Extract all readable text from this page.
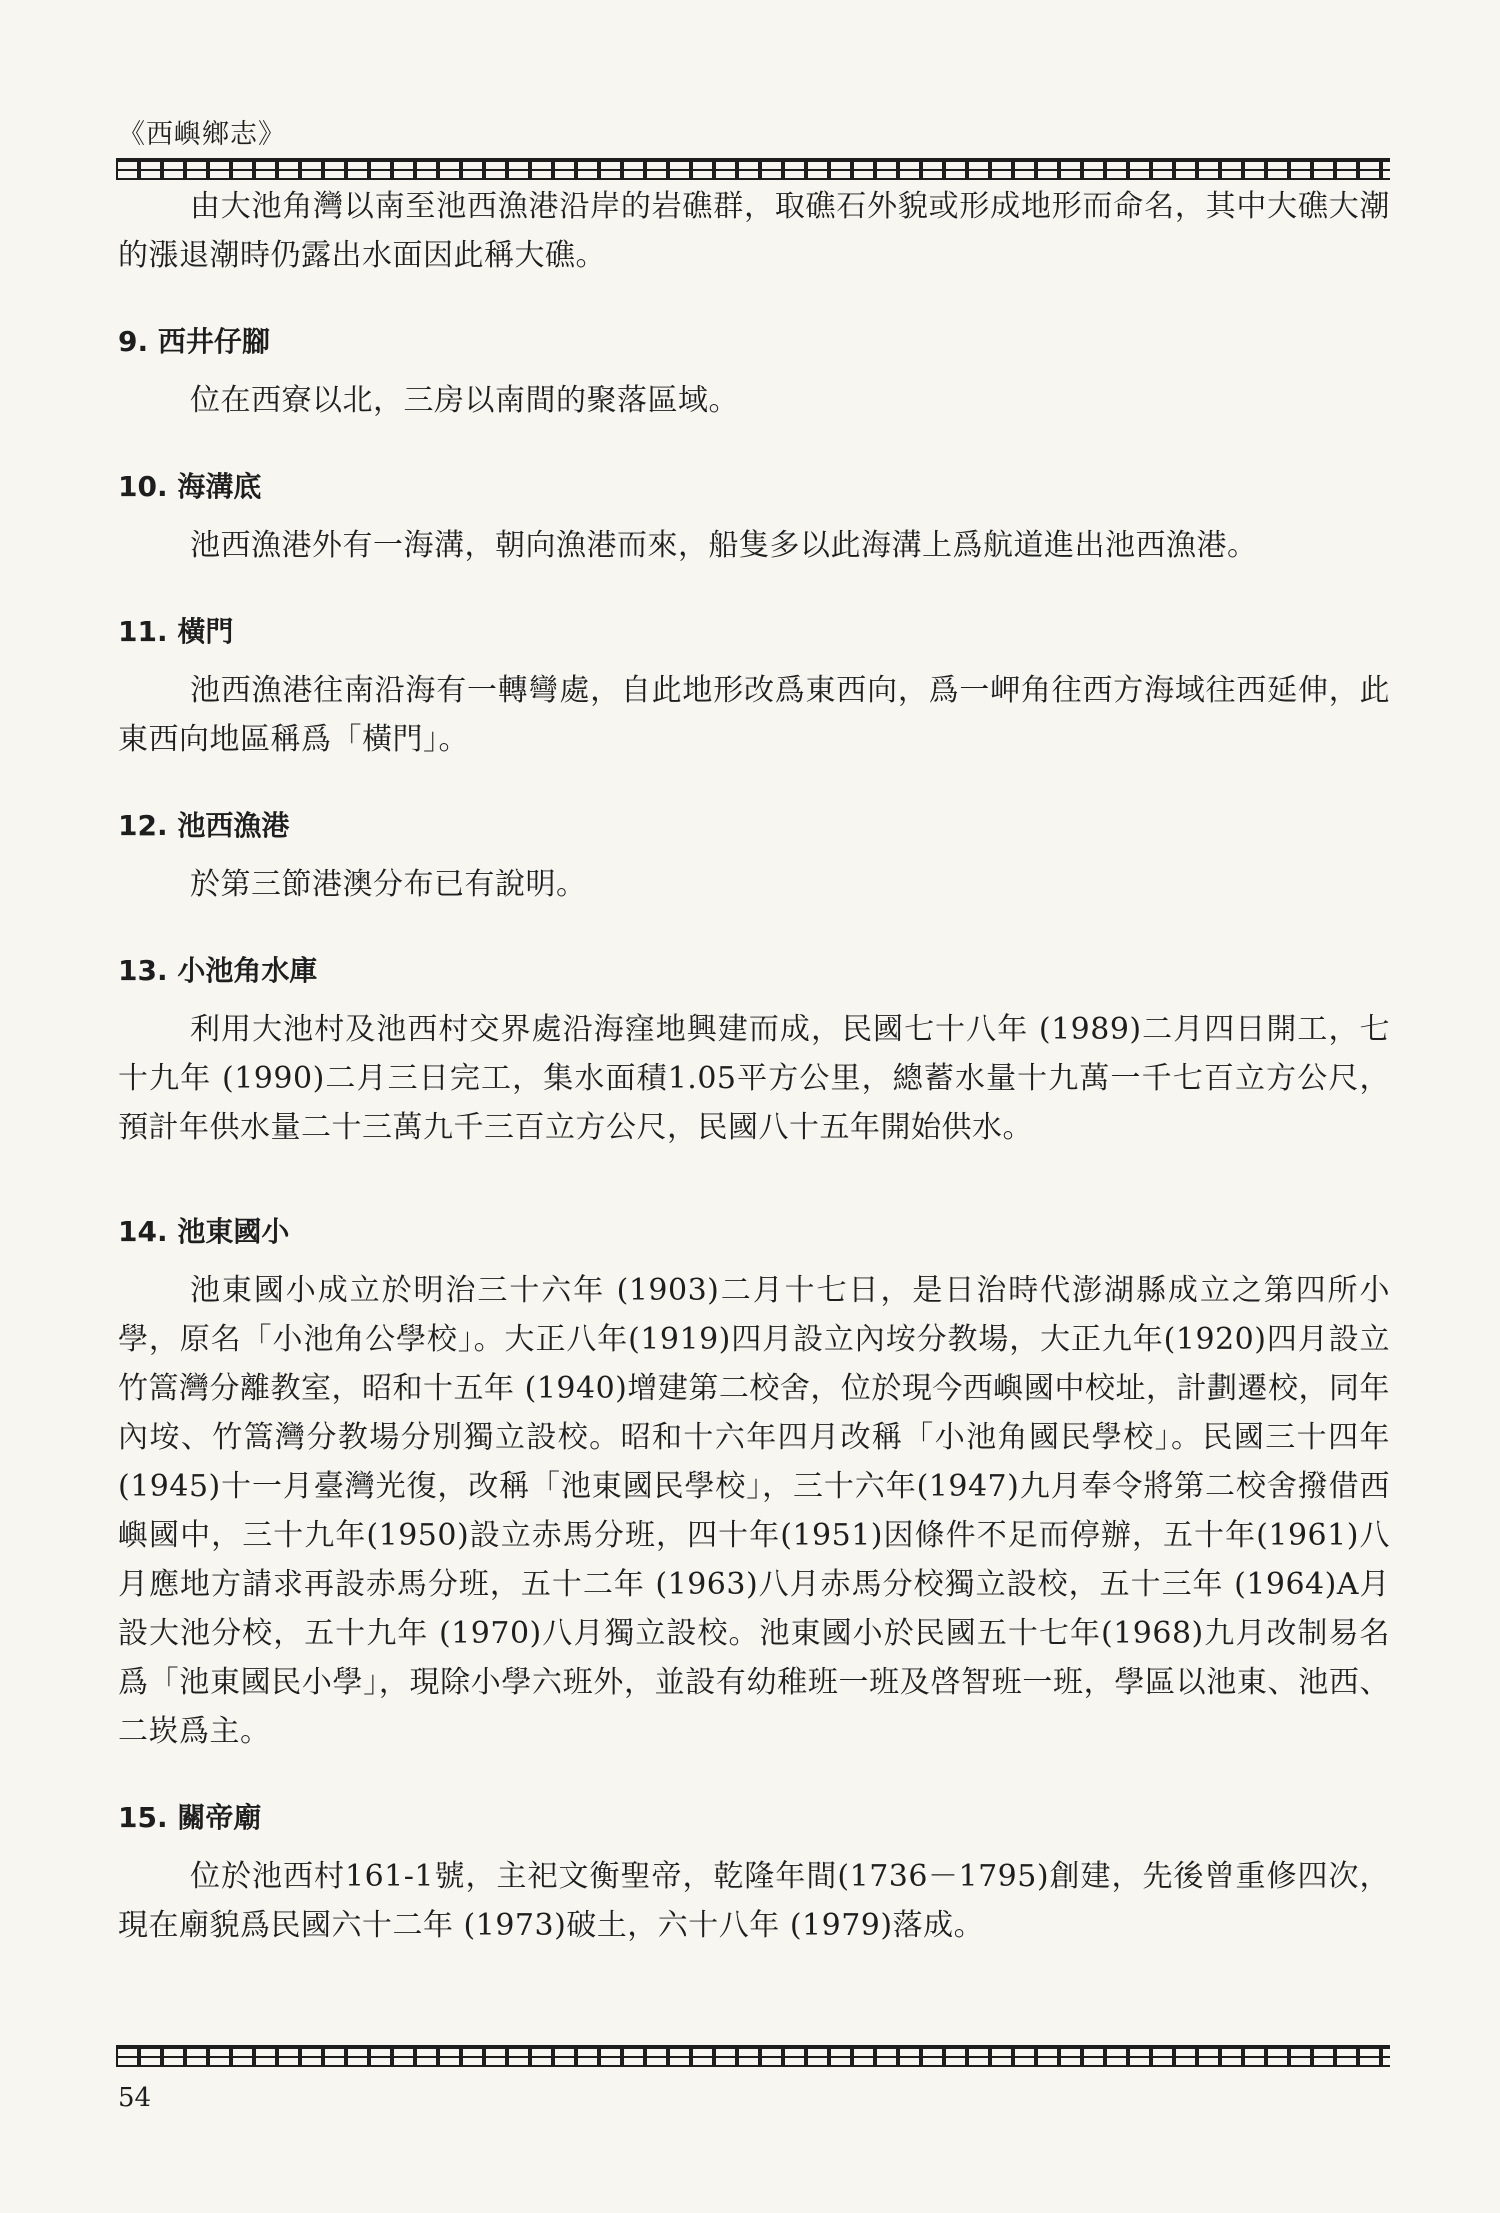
《西嶼鄉志》

由大池角灣以南至池西漁港沿岸的岩礁群，取礁石外貌或形成地形而命名，其中大礁大潮的漲退潮時仍露出水面因此稱大礁。

9. 西井仔腳

位在西寮以北，三房以南間的聚落區域。

10. 海溝底

池西漁港外有一海溝，朝向漁港而來，船隻多以此海溝上爲航道進出池西漁港。

11. 橫門

池西漁港往南沿海有一轉彎處，自此地形改爲東西向，爲一岬角往西方海域往西延伸，此東西向地區稱爲「橫門」。

12. 池西漁港

於第三節港澳分布已有說明。

13. 小池角水庫

利用大池村及池西村交界處沿海窪地興建而成，民國七十八年 (1989)二月四日開工，七十九年 (1990)二月三日完工，集水面積1.05平方公里，總蓄水量十九萬一千七百立方公尺，預計年供水量二十三萬九千三百立方公尺，民國八十五年開始供水。

14. 池東國小

池東國小成立於明治三十六年 (1903)二月十七日，是日治時代澎湖縣成立之第四所小學，原名「小池角公學校」。大正八年(1919)四月設立內垵分教場，大正九年(1920)四月設立竹篙灣分離教室，昭和十五年 (1940)增建第二校舍，位於現今西嶼國中校址，計劃遷校，同年內垵、竹篙灣分教場分別獨立設校。昭和十六年四月改稱「小池角國民學校」。民國三十四年 (1945)十一月臺灣光復，改稱「池東國民學校」，三十六年(1947)九月奉令將第二校舍撥借西嶼國中，三十九年(1950)設立赤馬分班，四十年(1951)因條件不足而停辦，五十年(1961)八月應地方請求再設赤馬分班，五十二年 (1963)八月赤馬分校獨立設校，五十三年 (1964)A月設大池分校，五十九年 (1970)八月獨立設校。池東國小於民國五十七年(1968)九月改制易名爲「池東國民小學」，現除小學六班外，並設有幼稚班一班及啓智班一班，學區以池東、池西、二崁爲主。

15. 關帝廟

位於池西村161-1號，主祀文衡聖帝，乾隆年間(1736－1795)創建，先後曾重修四次，現在廟貌爲民國六十二年 (1973)破土，六十八年 (1979)落成。

54
